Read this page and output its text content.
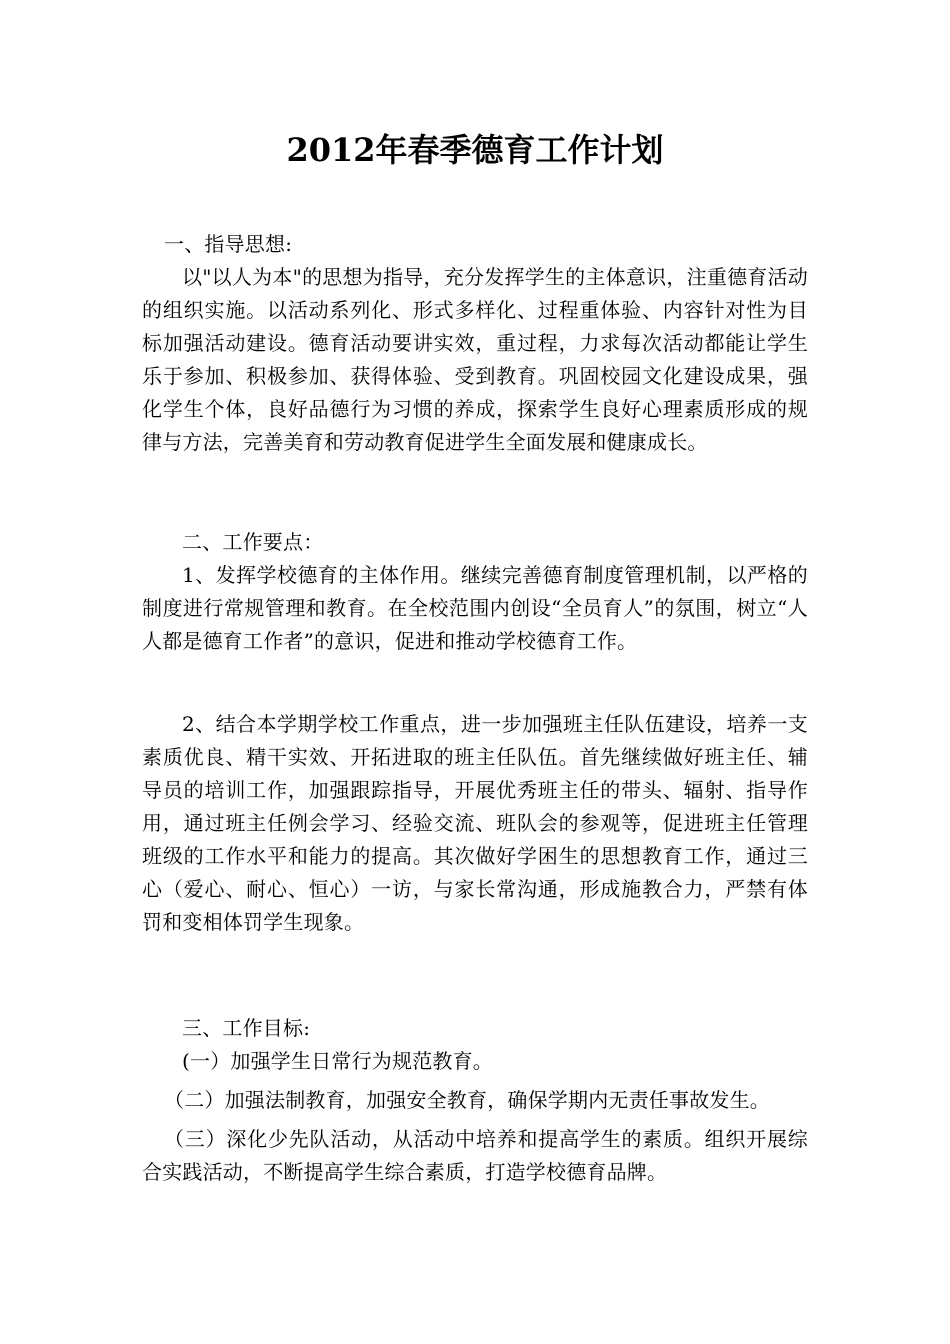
2012年春季德育工作计划

一、指导思想:

以"以人为本"的思想为指导，充分发挥学生的主体意识，注重德育活动的组织实施。以活动系列化、形式多样化、过程重体验、内容针对性为目标加强活动建设。德育活动要讲实效，重过程，力求每次活动都能让学生乐于参加、积极参加、获得体验、受到教育。巩固校园文化建设成果，强化学生个体，良好品德行为习惯的养成，探索学生良好心理素质形成的规律与方法，完善美育和劳动教育促进学生全面发展和健康成长。

二、工作要点：

1、发挥学校德育的主体作用。继续完善德育制度管理机制，以严格的制度进行常规管理和教育。在全校范围内创设“全员育人”的氛围，树立“人人都是德育工作者”的意识，促进和推动学校德育工作。

2、结合本学期学校工作重点，进一步加强班主任队伍建设，培养一支素质优良、精干实效、开拓进取的班主任队伍。首先继续做好班主任、辅导员的培训工作，加强跟踪指导，开展优秀班主任的带头、辐射、指导作用，通过班主任例会学习、经验交流、班队会的参观等，促进班主任管理班级的工作水平和能力的提高。其次做好学困生的思想教育工作，通过三心（爱心、耐心、恒心）一访，与家长常沟通，形成施教合力，严禁有体罚和变相体罚学生现象。

三、工作目标:

(一）加强学生日常行为规范教育。

（二）加强法制教育，加强安全教育，确保学期内无责任事故发生。

（三）深化少先队活动，从活动中培养和提高学生的素质。组织开展综合实践活动，不断提高学生综合素质，打造学校德育品牌。
